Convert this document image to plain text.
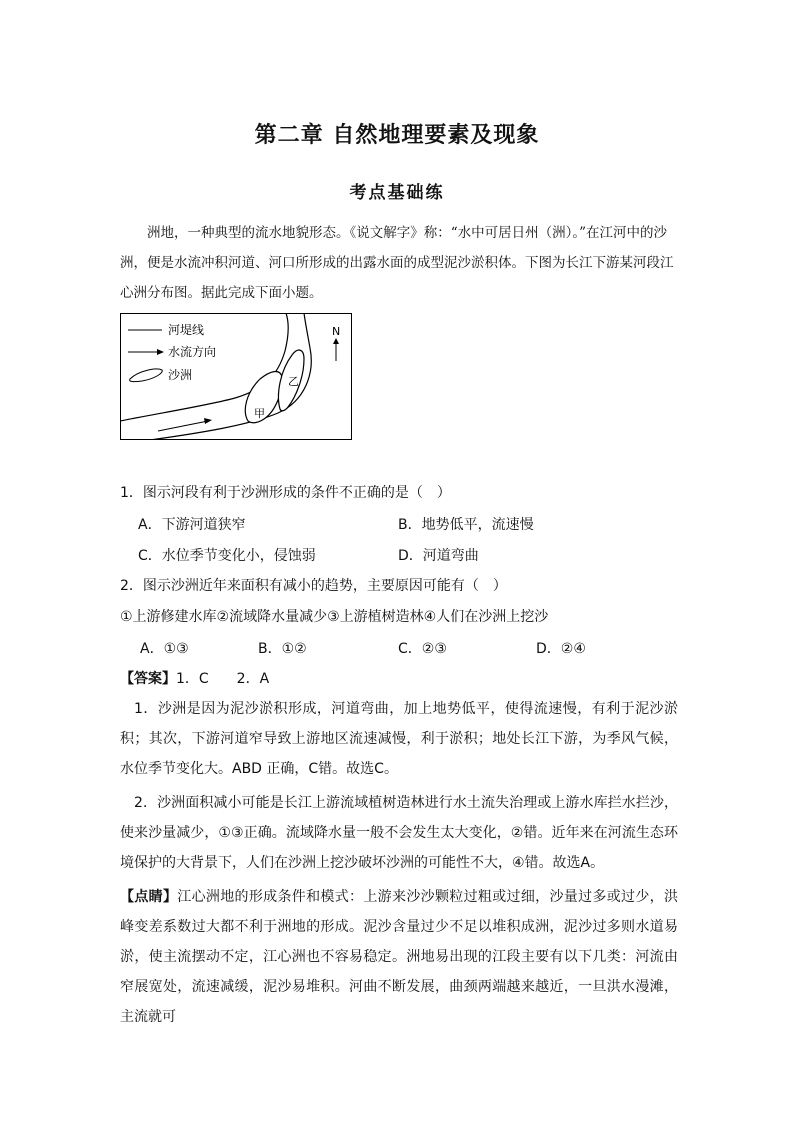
第二章 自然地理要素及现象
考点基础练
洲地，一种典型的流水地貌形态。《说文解字》称：“水中可居日州（洲）。”在江河中的沙洲，便是水流冲积河道、河口所形成的出露水面的成型泥沙淤积体。下图为长江下游某河段江心洲分布图。据此完成下面小题。
河堤线
水流方向
沙洲
N
甲
乙
1．图示河段有利于沙洲形成的条件不正确的是（　）
A．下游河道狭窄	B．地势低平，流速慢
C．水位季节变化小，侵蚀弱	D．河道弯曲
2．图示沙洲近年来面积有减小的趋势，主要原因可能有（　）
①上游修建水库②流域降水量减少③上游植树造林④人们在沙洲上挖沙
A．①③	B．①②	C．②③	D．②④
【答案】1．C　　2．A
1．沙洲是因为泥沙淤积形成，河道弯曲，加上地势低平，使得流速慢，有利于泥沙淤积；其次，下游河道窄导致上游地区流速减慢，利于淤积；地处长江下游，为季风气候，水位季节变化大。ABD 正确，C错。故选C。
2．沙洲面积减小可能是长江上游流域植树造林进行水土流失治理或上游水库拦水拦沙，使来沙量减少，①③正确。流域降水量一般不会发生太大变化，②错。近年来在河流生态环境保护的大背景下，人们在沙洲上挖沙破坏沙洲的可能性不大，④错。故选A。
【点睛】江心洲地的形成条件和模式：上游来沙沙颗粒过粗或过细，沙量过多或过少，洪峰变差系数过大都不利于洲地的形成。泥沙含量过少不足以堆积成洲，泥沙过多则水道易淤，使主流摆动不定，江心洲也不容易稳定。洲地易出现的江段主要有以下几类：河流由窄展宽处，流速减缓，泥沙易堆积。河曲不断发展，曲颈两端越来越近，一旦洪水漫滩，主流就可
